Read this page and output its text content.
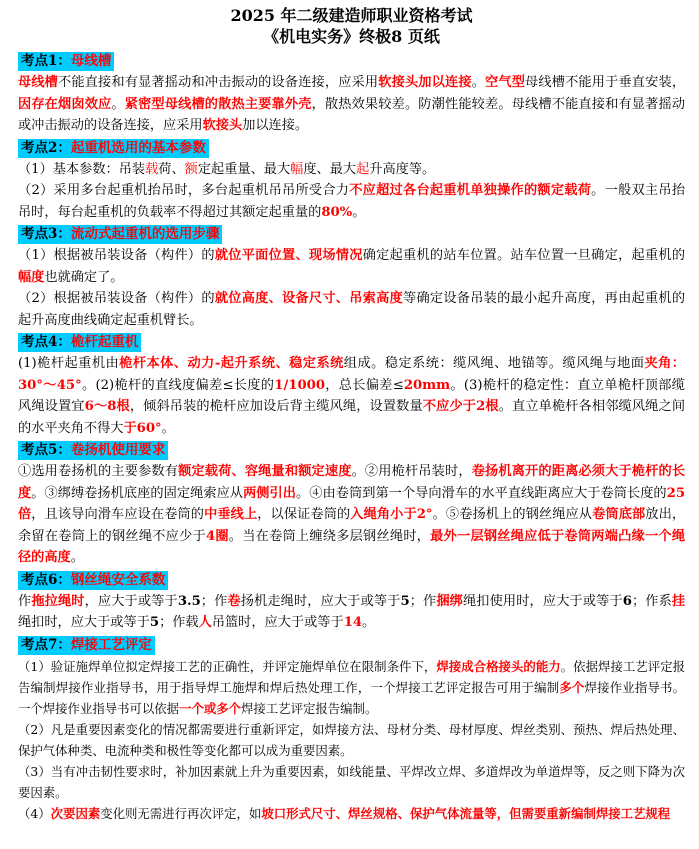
2025 年二级建造师职业资格考试
《机电实务》终极8 页纸
考点1：母线槽

母线槽不能直接和有显著摇动和冲击振动的设备连接，应采用软接头加以连接。空气型母线槽不能用于垂直安装，因存在烟囱效应。紧密型母线槽的散热主要靠外壳，散热效果较差。防潮性能较差。母线槽不能直接和有显著摇动或冲击振动的设备连接，应采用软接头加以连接。

考点2：起重机选用的基本参数

（1）基本参数：吊装载荷、额定起重量、最大幅度、最大起升高度等。

（2）采用多台起重机抬吊时，多台起重机吊吊所受合力不应超过各台起重机单独操作的额定载荷。一般双主吊抬吊时，每台起重机的负载率不得超过其额定起重量的80%。

考点3：流动式起重机的选用步骤

（1）根据被吊装设备（构件）的就位平面位置、现场情况确定起重机的站车位置。站车位置一旦确定，起重机的幅度也就确定了。

（2）根据被吊装设备（构件）的就位高度、设备尺寸、吊索高度等确定设备吊装的最小起升高度，再由起重机的起升高度曲线确定起重机臂长。

考点4：桅杆起重机

(1)桅杆起重机由桅杆本体、动力-起升系统、稳定系统组成。稳定系统：缆风绳、地锚等。缆风绳与地面夹角：30°～45°。(2)桅杆的直线度偏差≤长度的1/1000，总长偏差≤20mm。(3)桅杆的稳定性：直立单桅杆顶部缆风绳设置宜6～8根，倾斜吊装的桅杆应加设后背主缆风绳，设置数量不应少于2根。直立单桅杆各相邻缆风绳之间的水平夹角不得大于60°。

考点5：卷扬机使用要求

①选用卷扬机的主要参数有额定载荷、容绳量和额定速度。②用桅杆吊装时，卷扬机离开的距离必须大于桅杆的长度。③绑缚卷扬机底座的固定绳索应从两侧引出。④由卷筒到第一个导向滑车的水平直线距离应大于卷筒长度的25倍，且该导向滑车应设在卷筒的中垂线上，以保证卷筒的入绳角小于2°。⑤卷扬机上的钢丝绳应从卷筒底部放出，余留在卷筒上的钢丝绳不应少于4圈。当在卷筒上缠绕多层钢丝绳时，最外一层钢丝绳应低于卷筒两端凸缘一个绳径的高度。

考点6：钢丝绳安全系数

作拖拉绳时，应大于或等于3.5；作卷扬机走绳时，应大于或等于5；作捆绑绳扣使用时，应大于或等于6；作系挂绳扣时，应大于或等于5；作载人吊篮时，应大于或等于14。

考点7：焊接工艺评定

（1）验证施焊单位拟定焊接工艺的正确性，并评定施焊单位在限制条件下，焊接成合格接头的能力。依据焊接工艺评定报告编制焊接作业指导书，用于指导焊工施焊和焊后热处理工作，一个焊接工艺评定报告可用于编制多个焊接作业指导书。一个焊接作业指导书可以依据一个或多个焊接工艺评定报告编制。

（2）凡是重要因素变化的情况都需要进行重新评定，如焊接方法、母材分类、母材厚度、焊丝类别、预热、焊后热处理、保护气体种类、电流种类和极性等变化都可以成为重要因素。

（3）当有冲击韧性要求时，补加因素就上升为重要因素，如线能量、平焊改立焊、多道焊改为单道焊等，反之则下降为次要因素。

（4）次要因素变化则无需进行再次评定，如坡口形式尺寸、焊丝规格、保护气体流量等，但需要重新编制焊接工艺规程
